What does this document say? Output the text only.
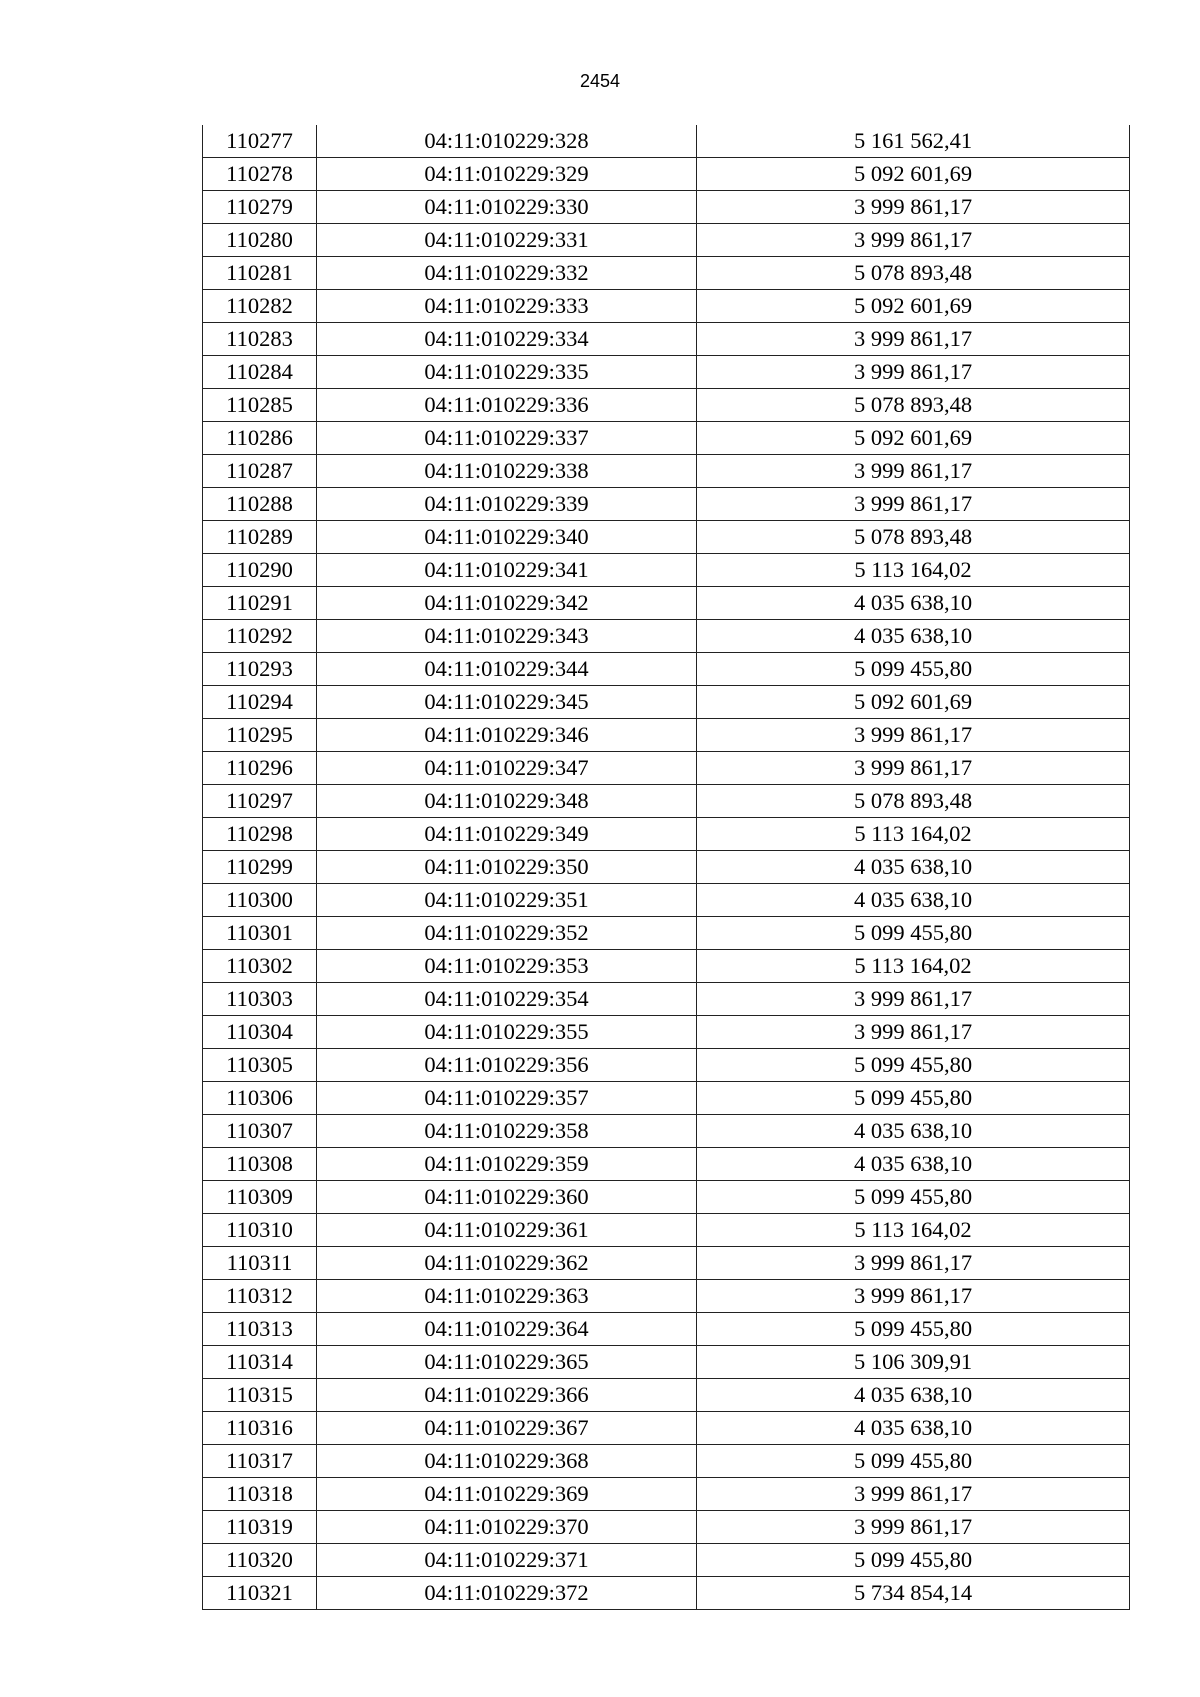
2454
110277	04:11:010229:328	5 161 562,41
110278	04:11:010229:329	5 092 601,69
110279	04:11:010229:330	3 999 861,17
110280	04:11:010229:331	3 999 861,17
110281	04:11:010229:332	5 078 893,48
110282	04:11:010229:333	5 092 601,69
110283	04:11:010229:334	3 999 861,17
110284	04:11:010229:335	3 999 861,17
110285	04:11:010229:336	5 078 893,48
110286	04:11:010229:337	5 092 601,69
110287	04:11:010229:338	3 999 861,17
110288	04:11:010229:339	3 999 861,17
110289	04:11:010229:340	5 078 893,48
110290	04:11:010229:341	5 113 164,02
110291	04:11:010229:342	4 035 638,10
110292	04:11:010229:343	4 035 638,10
110293	04:11:010229:344	5 099 455,80
110294	04:11:010229:345	5 092 601,69
110295	04:11:010229:346	3 999 861,17
110296	04:11:010229:347	3 999 861,17
110297	04:11:010229:348	5 078 893,48
110298	04:11:010229:349	5 113 164,02
110299	04:11:010229:350	4 035 638,10
110300	04:11:010229:351	4 035 638,10
110301	04:11:010229:352	5 099 455,80
110302	04:11:010229:353	5 113 164,02
110303	04:11:010229:354	3 999 861,17
110304	04:11:010229:355	3 999 861,17
110305	04:11:010229:356	5 099 455,80
110306	04:11:010229:357	5 099 455,80
110307	04:11:010229:358	4 035 638,10
110308	04:11:010229:359	4 035 638,10
110309	04:11:010229:360	5 099 455,80
110310	04:11:010229:361	5 113 164,02
110311	04:11:010229:362	3 999 861,17
110312	04:11:010229:363	3 999 861,17
110313	04:11:010229:364	5 099 455,80
110314	04:11:010229:365	5 106 309,91
110315	04:11:010229:366	4 035 638,10
110316	04:11:010229:367	4 035 638,10
110317	04:11:010229:368	5 099 455,80
110318	04:11:010229:369	3 999 861,17
110319	04:11:010229:370	3 999 861,17
110320	04:11:010229:371	5 099 455,80
110321	04:11:010229:372	5 734 854,14
